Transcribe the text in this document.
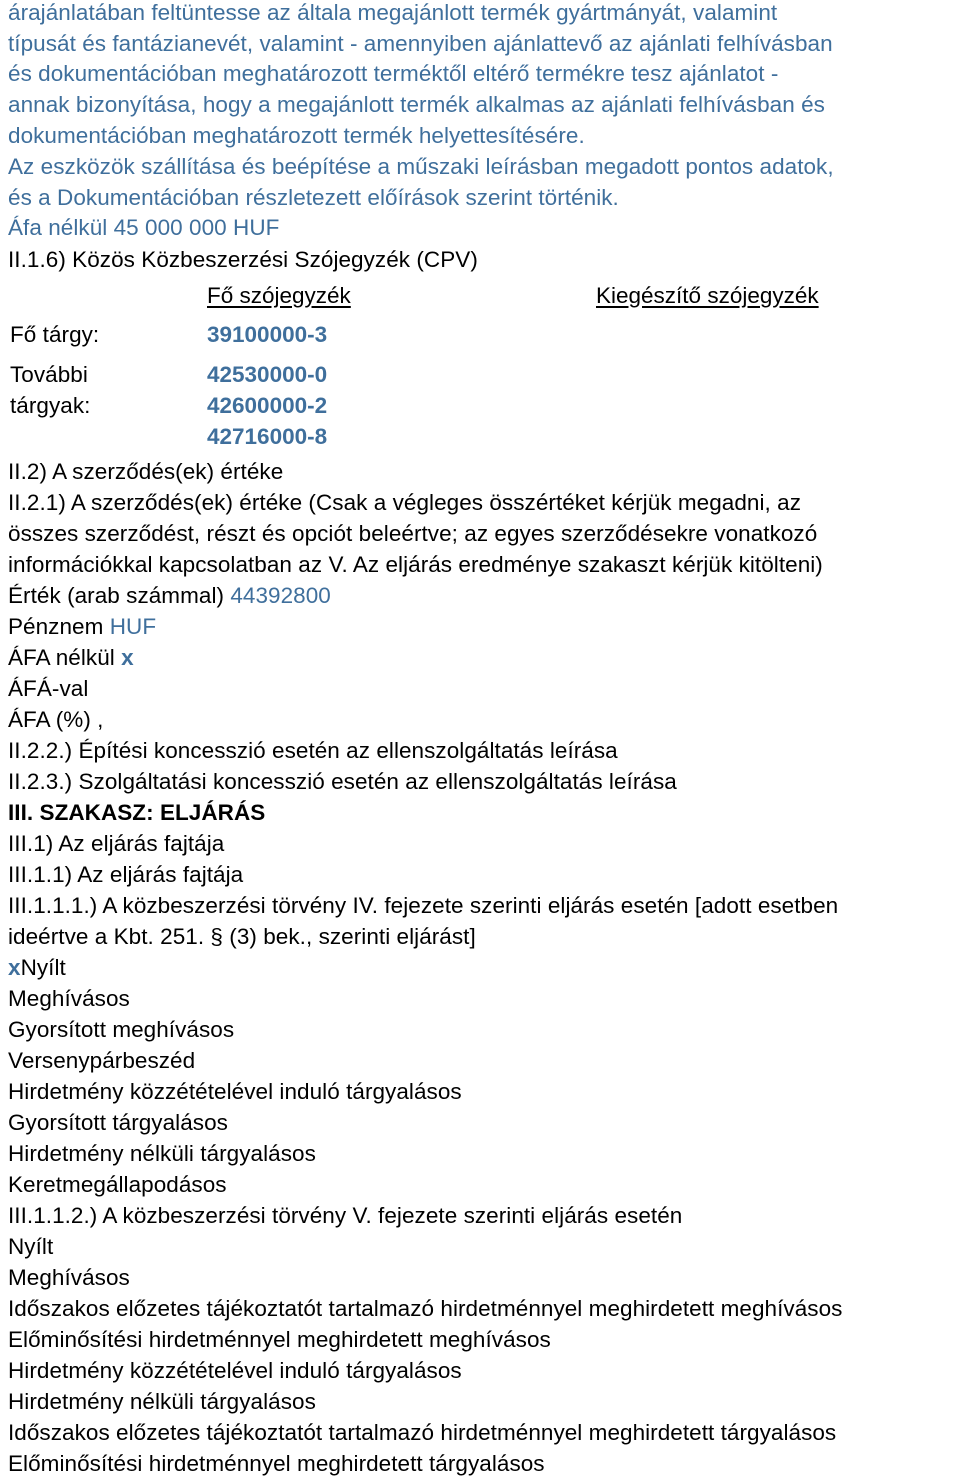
árajánlatában feltüntesse az általa megajánlott termék gyártmányát, valamint
típusát és fantázianevét, valamint - amennyiben ajánlattevő az ajánlati felhívásban
és dokumentációban meghatározott terméktől eltérő termékre tesz ajánlatot -
annak bizonyítása, hogy a megajánlott termék alkalmas az ajánlati felhívásban és
dokumentációban meghatározott termék helyettesítésére.
Az eszközök szállítása és beépítése a műszaki leírásban megadott pontos adatok,
és a Dokumentációban részletezett előírások szerint történik.
Áfa nélkül 45 000 000 HUF
II.1.6) Közös Közbeszerzési Szójegyzék (CPV)
Fő szójegyzék	Kiegészítő szójegyzék
Fő tárgy:	39100000-3
További
tárgyak:
42530000-0
42600000-2
42716000-8
II.2) A szerződés(ek) értéke
II.2.1) A szerződés(ek) értéke (Csak a végleges összértéket kérjük megadni, az
összes szerződést, részt és opciót beleértve; az egyes szerződésekre vonatkozó
információkkal kapcsolatban az V. Az eljárás eredménye szakaszt kérjük kitölteni)
Érték (arab számmal) 44392800
Pénznem HUF
ÁFA nélkül x
ÁFÁ-val
ÁFA (%) ,
II.2.2.) Építési koncesszió esetén az ellenszolgáltatás leírása
II.2.3.) Szolgáltatási koncesszió esetén az ellenszolgáltatás leírása
III. SZAKASZ: ELJÁRÁS
III.1) Az eljárás fajtája
III.1.1) Az eljárás fajtája
III.1.1.1.) A közbeszerzési törvény IV. fejezete szerinti eljárás esetén [adott esetben
ideértve a Kbt. 251. § (3) bek., szerinti eljárást]
xNyílt
Meghívásos
Gyorsított meghívásos
Versenypárbeszéd
Hirdetmény közzétételével induló tárgyalásos
Gyorsított tárgyalásos
Hirdetmény nélküli tárgyalásos
Keretmegállapodásos
III.1.1.2.) A közbeszerzési törvény V. fejezete szerinti eljárás esetén
Nyílt
Meghívásos
Időszakos előzetes tájékoztatót tartalmazó hirdetménnyel meghirdetett meghívásos
Előminősítési hirdetménnyel meghirdetett meghívásos
Hirdetmény közzétételével induló tárgyalásos
Hirdetmény nélküli tárgyalásos
Időszakos előzetes tájékoztatót tartalmazó hirdetménnyel meghirdetett tárgyalásos
Előminősítési hirdetménnyel meghirdetett tárgyalásos
